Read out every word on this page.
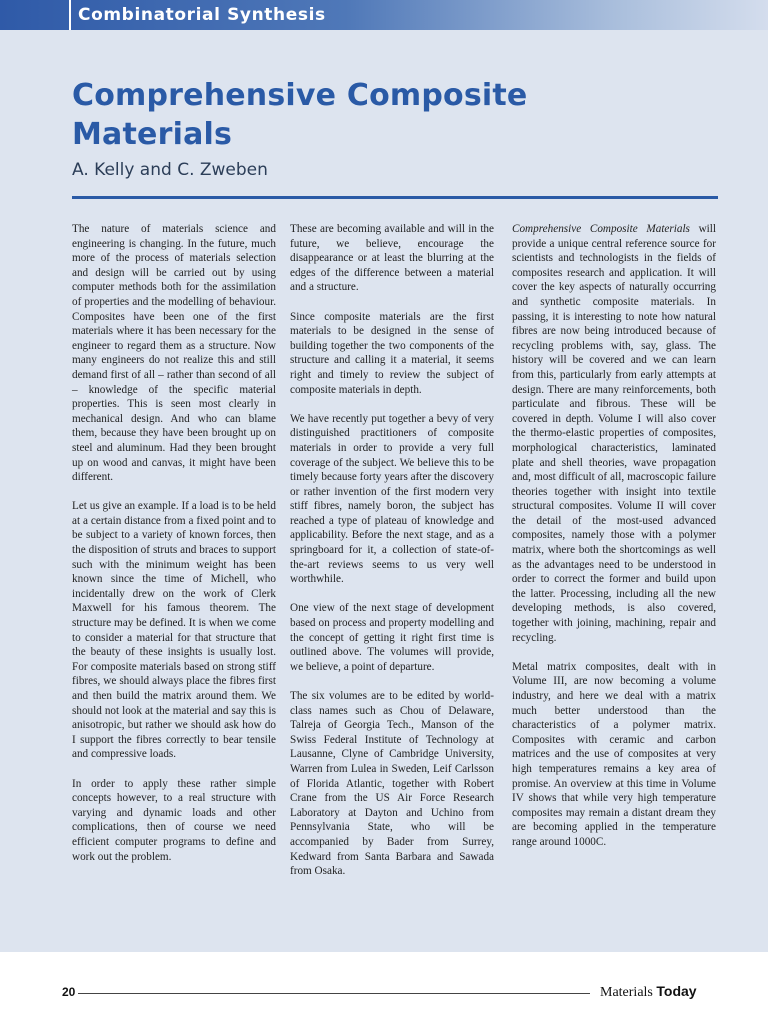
Combinatorial Synthesis
Comprehensive Composite Materials
A. Kelly and C. Zweben

The nature of materials science and engineering is changing. In the future, much more of the process of materials selection and design will be carried out by using computer methods both for the assimilation of properties and the modelling of behaviour. Composites have been one of the first materials where it has been necessary for the engineer to regard them as a structure. Now many engineers do not realize this and still demand first of all – rather than second of all – knowledge of the specific material properties. This is seen most clearly in mechanical design. And who can blame them, because they have been brought up on steel and aluminum. Had they been brought up on wood and canvas, it might have been different.

Let us give an example. If a load is to be held at a certain distance from a fixed point and to be subject to a variety of known forces, then the disposition of struts and braces to support such with the minimum weight has been known since the time of Michell, who incidentally drew on the work of Clerk Maxwell for his famous theorem. The structure may be defined. It is when we come to consider a material for that structure that the beauty of these insights is usually lost. For composite materials based on strong stiff fibres, we should always place the fibres first and then build the matrix around them. We should not look at the material and say this is anisotropic, but rather we should ask how do I support the fibres correctly to bear tensile and compressive loads.

In order to apply these rather simple concepts however, to a real structure with varying and dynamic loads and other complications, then of course we need efficient computer programs to define and work out the problem.

These are becoming available and will in the future, we believe, encourage the disappearance or at least the blurring at the edges of the difference between a material and a structure.

Since composite materials are the first materials to be designed in the sense of building together the two components of the structure and calling it a material, it seems right and timely to review the subject of composite materials in depth.

We have recently put together a bevy of very distinguished practitioners of composite materials in order to provide a very full coverage of the subject. We believe this to be timely because forty years after the discovery or rather invention of the first modern very stiff fibres, namely boron, the subject has reached a type of plateau of knowledge and applicability. Before the next stage, and as a springboard for it, a collection of state-of-the-art reviews seems to us very well worthwhile.

One view of the next stage of development based on process and property modelling and the concept of getting it right first time is outlined above. The volumes will provide, we believe, a point of departure.

The six volumes are to be edited by world-class names such as Chou of Delaware, Talreja of Georgia Tech., Manson of the Swiss Federal Institute of Technology at Lausanne, Clyne of Cambridge University, Warren from Lulea in Sweden, Leif Carlsson of Florida Atlantic, together with Robert Crane from the US Air Force Research Laboratory at Dayton and Uchino from Pennsylvania State, who will be accompanied by Bader from Surrey, Kedward from Santa Barbara and Sawada from Osaka.

Comprehensive Composite Materials will provide a unique central reference source for scientists and technologists in the fields of composites research and application. It will cover the key aspects of naturally occurring and synthetic composite materials. In passing, it is interesting to note how natural fibres are now being introduced because of recycling problems with, say, glass. The history will be covered and we can learn from this, particularly from early attempts at design. There are many reinforcements, both particulate and fibrous. These will be covered in depth. Volume I will also cover the thermo-elastic properties of composites, morphological characteristics, laminated plate and shell theories, wave propagation and, most difficult of all, macroscopic failure theories together with insight into textile structural composites. Volume II will cover the detail of the most-used advanced composites, namely those with a polymer matrix, where both the shortcomings as well as the advantages need to be understood in order to correct the former and build upon the latter. Processing, including all the new developing methods, is also covered, together with joining, machining, repair and recycling.

Metal matrix composites, dealt with in Volume III, are now becoming a volume industry, and here we deal with a matrix much better understood than the characteristics of a polymer matrix. Composites with ceramic and carbon matrices and the use of composites at very high temperatures remains a key area of promise. An overview at this time in Volume IV shows that while very high temperature composites may remain a distant dream they are becoming applied in the temperature range around 1000C.

20	Materials Today
